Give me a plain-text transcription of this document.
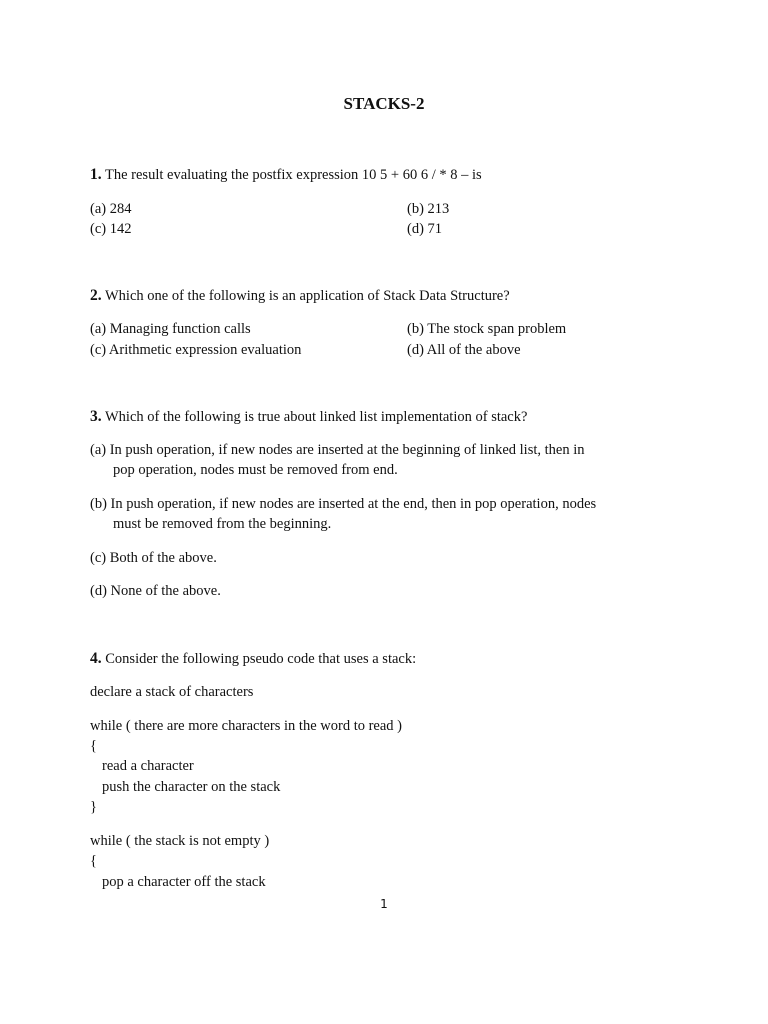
STACKS-2
1. The result evaluating the postfix expression 10 5 + 60 6 / * 8 – is
(a) 284	(b) 213
(c) 142	(d) 71
2. Which one of the following is an application of Stack Data Structure?
(a) Managing function calls	(b) The stock span problem
(c) Arithmetic expression evaluation	(d) All of the above
3. Which of the following is true about linked list implementation of stack?
(a) In push operation, if new nodes are inserted at the beginning of linked list, then in
pop operation, nodes must be removed from end.
(b) In push operation, if new nodes are inserted at the end, then in pop operation, nodes
must be removed from the beginning.
(c) Both of the above.
(d) None of the above.
4. Consider the following pseudo code that uses a stack:
declare a stack of characters
while ( there are more characters in the word to read )
{
read a character
push the character on the stack
}
while ( the stack is not empty )
{
pop a character off the stack
1
